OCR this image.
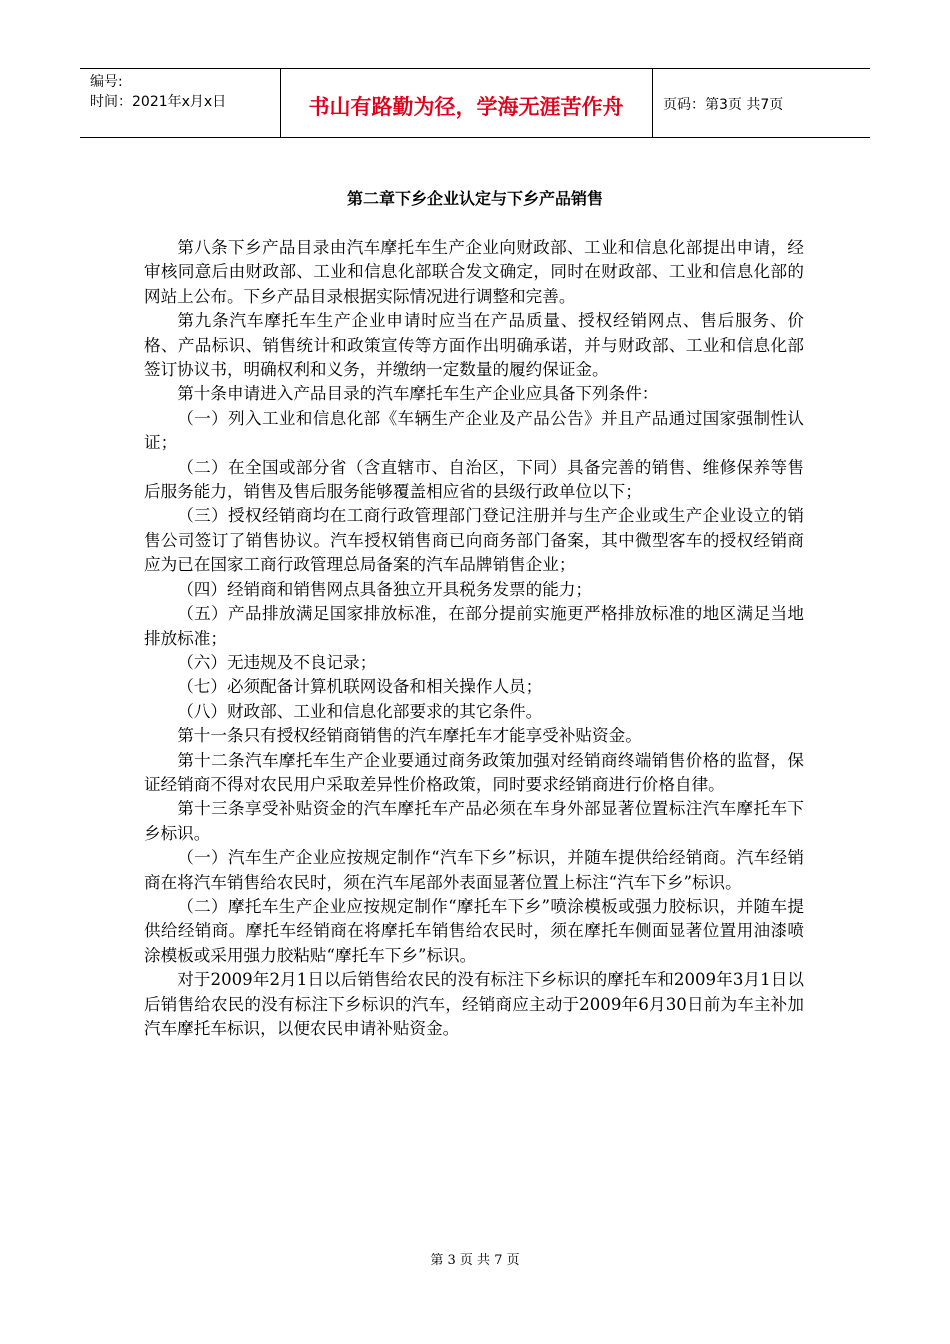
编号:
时间：2021年x月x日	书山有路勤为径，学海无涯苦作舟	页码：第3页 共7页
第二章下乡企业认定与下乡产品销售

第八条下乡产品目录由汽车摩托车生产企业向财政部、工业和信息化部提出申请，经审核同意后由财政部、工业和信息化部联合发文确定，同时在财政部、工业和信息化部的网站上公布。下乡产品目录根据实际情况进行调整和完善。

第九条汽车摩托车生产企业申请时应当在产品质量、授权经销网点、售后服务、价格、产品标识、销售统计和政策宣传等方面作出明确承诺，并与财政部、工业和信息化部签订协议书，明确权利和义务，并缴纳一定数量的履约保证金。

第十条申请进入产品目录的汽车摩托车生产企业应具备下列条件：

（一）列入工业和信息化部《车辆生产企业及产品公告》并且产品通过国家强制性认证；

（二）在全国或部分省（含直辖市、自治区，下同）具备完善的销售、维修保养等售后服务能力，销售及售后服务能够覆盖相应省的县级行政单位以下；

（三）授权经销商均在工商行政管理部门登记注册并与生产企业或生产企业设立的销售公司签订了销售协议。汽车授权销售商已向商务部门备案，其中微型客车的授权经销商应为已在国家工商行政管理总局备案的汽车品牌销售企业；

（四）经销商和销售网点具备独立开具税务发票的能力；

（五）产品排放满足国家排放标准，在部分提前实施更严格排放标准的地区满足当地排放标准；

（六）无违规及不良记录；

（七）必须配备计算机联网设备和相关操作人员；

（八）财政部、工业和信息化部要求的其它条件。

第十一条只有授权经销商销售的汽车摩托车才能享受补贴资金。

第十二条汽车摩托车生产企业要通过商务政策加强对经销商终端销售价格的监督，保证经销商不得对农民用户采取差异性价格政策，同时要求经销商进行价格自律。

第十三条享受补贴资金的汽车摩托车产品必须在车身外部显著位置标注汽车摩托车下乡标识。

（一）汽车生产企业应按规定制作“汽车下乡”标识，并随车提供给经销商。汽车经销商在将汽车销售给农民时，须在汽车尾部外表面显著位置上标注“汽车下乡”标识。

（二）摩托车生产企业应按规定制作“摩托车下乡”喷涂模板或强力胶标识，并随车提供给经销商。摩托车经销商在将摩托车销售给农民时，须在摩托车侧面显著位置用油漆喷涂模板或采用强力胶粘贴“摩托车下乡”标识。

对于2009年2月1日以后销售给农民的没有标注下乡标识的摩托车和2009年3月1日以后销售给农民的没有标注下乡标识的汽车，经销商应主动于2009年6月30日前为车主补加汽车摩托车标识，以便农民申请补贴资金。

第 3 页 共 7 页
